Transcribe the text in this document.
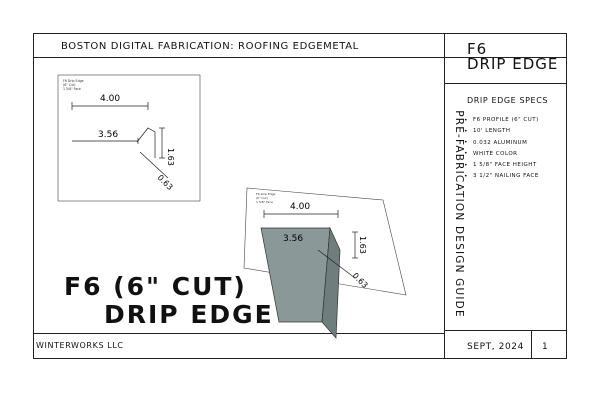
BOSTON DIGITAL FABRICATION: ROOFING EDGEMETAL	F6
DRIP EDGE
DRIP EDGE SPECS
• F6 PROFILE (6" CUT)
• 10' LENGTH
• 0.032 ALUMINUM
• WHITE COLOR
• 1 5/8" FACE HEIGHT
• 3 1/2" NAILING FACE
PRE-FABRICATION DESIGN GUIDE
F6 (6" CUT)
DRIP EDGE
WINTERWORKS LLC	SEPT, 2024 1
F6 Drip Edge
(6" Cut)
1 5/8" Face
4.00
3.56
1.63
0.63
F6 Drip Edge
(6" Cut)
1 5/8" Face 4.00
3.56	1.63
0.63
